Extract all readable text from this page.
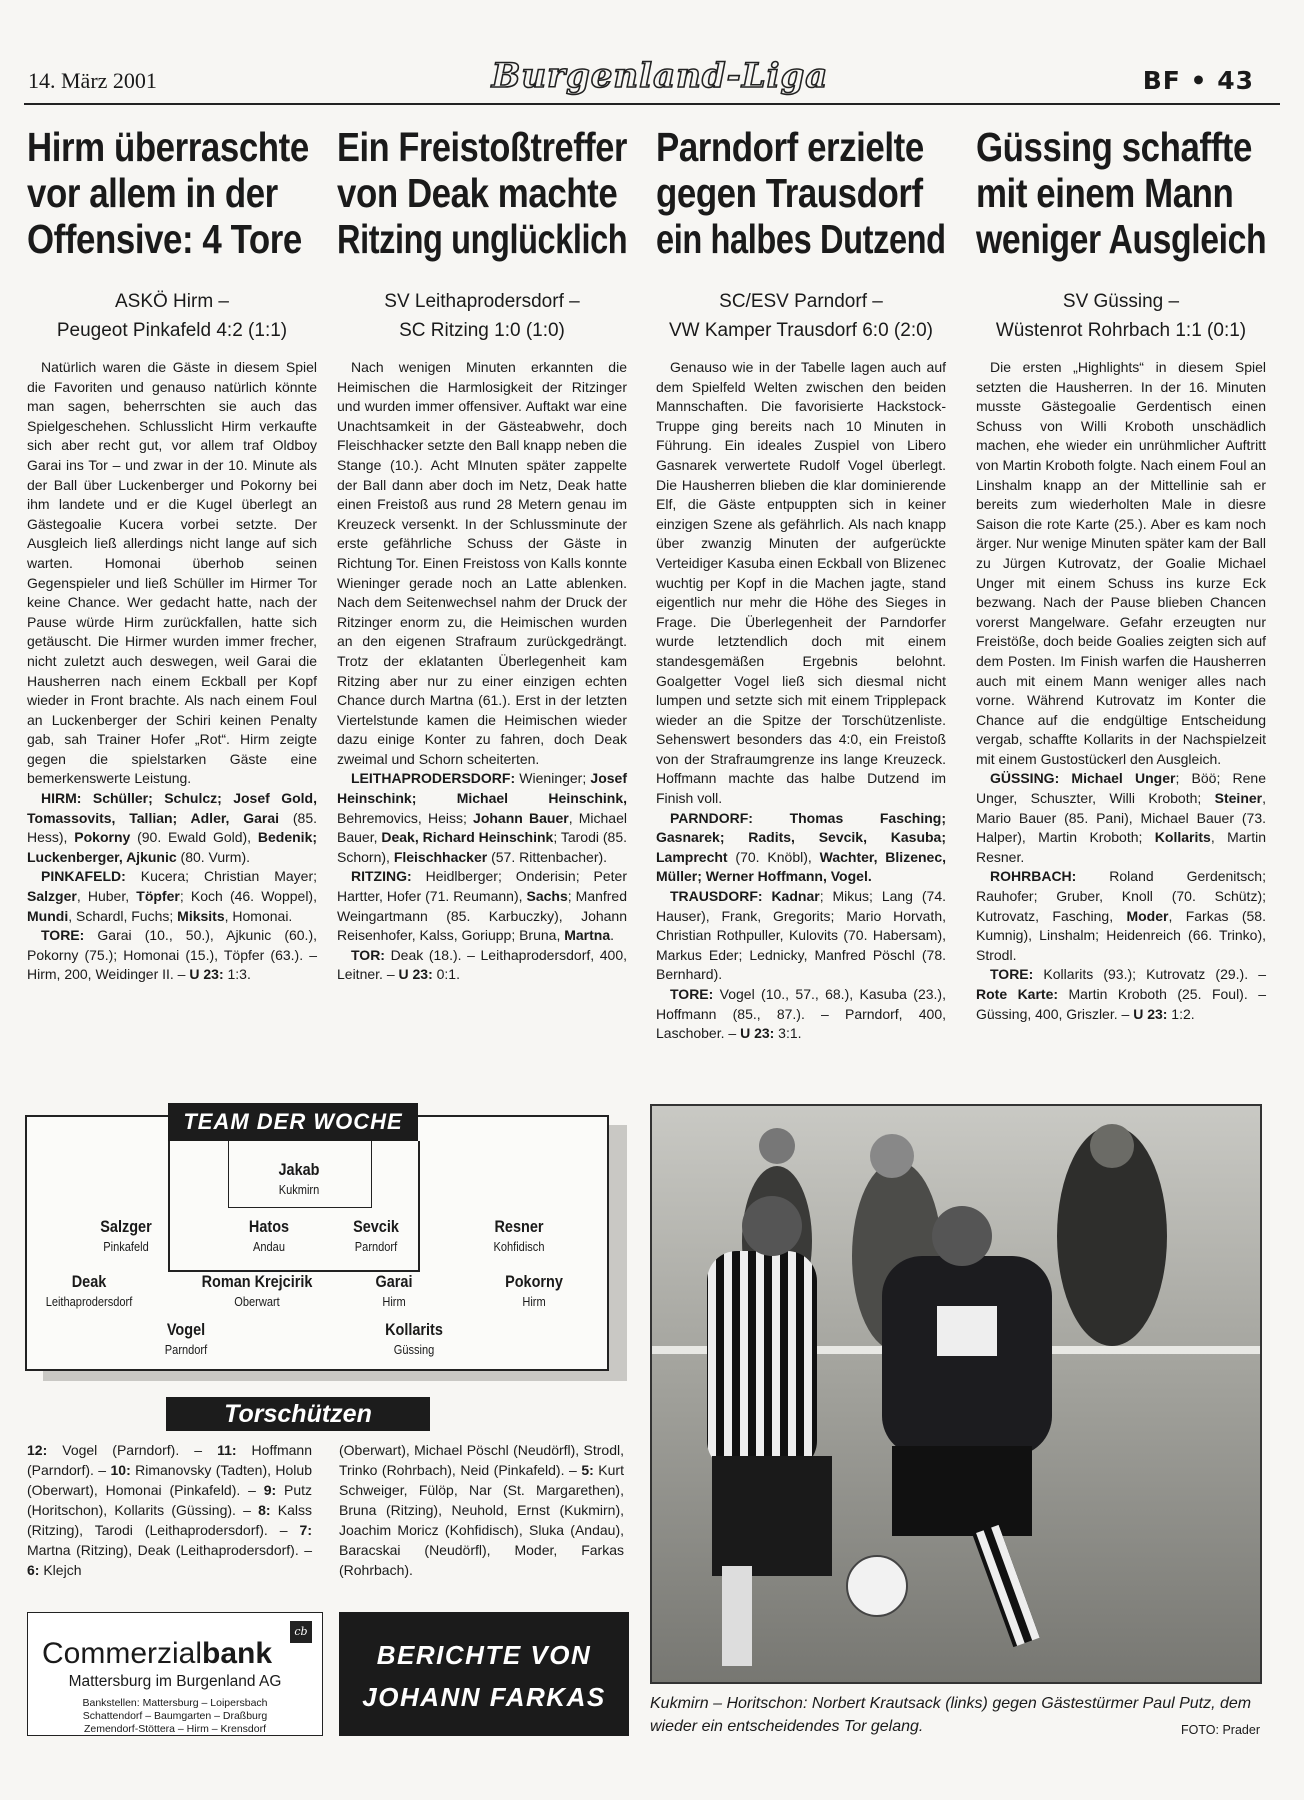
14. März 2001	Burgenland-Liga	BF • 43
Hirm überraschte
vor allem in der
Offensive: 4 Tore
ASKÖ Hirm –
Peugeot Pinkafeld 4:2 (1:1)

Natürlich waren die Gäste in diesem Spiel die Favoriten und genauso natürlich könnte man sagen, beherrschten sie auch das Spielgeschehen. Schlusslicht Hirm verkaufte sich aber recht gut, vor allem traf Oldboy Garai ins Tor – und zwar in der 10. Minute als der Ball über Luckenberger und Pokorny bei ihm landete und er die Kugel überlegt an Gästegoalie Kucera vorbei setzte. Der Ausgleich ließ allerdings nicht lange auf sich warten. Homonai überhob seinen Gegenspieler und ließ Schüller im Hirmer Tor keine Chance. Wer gedacht hatte, nach der Pause würde Hirm zurückfallen, hatte sich getäuscht. Die Hirmer wurden immer frecher, nicht zuletzt auch deswegen, weil Garai die Hausherren nach einem Eckball per Kopf wieder in Front brachte. Als nach einem Foul an Luckenberger der Schiri keinen Penalty gab, sah Trainer Hofer „Rot“. Hirm zeigte gegen die spielstarken Gäste eine bemerkenswerte Leistung.

HIRM: Schüller; Schulcz; Josef Gold, Tomassovits, Tallian; Adler, Garai (85. Hess), Pokorny (90. Ewald Gold), Bedenik; Luckenberger, Ajkunic (80. Vurm).

PINKAFELD: Kucera; Christian Mayer; Salzger, Huber, Töpfer; Koch (46. Woppel), Mundi, Schardl, Fuchs; Miksits, Homonai.

TORE: Garai (10., 50.), Ajkunic (60.), Pokorny (75.); Homonai (15.), Töpfer (63.). – Hirm, 200, Weidinger II. – U 23: 1:3.

Ein Freistoßtreffer
von Deak machte
Ritzing unglücklich
SV Leithaprodersdorf –
SC Ritzing 1:0 (1:0)

Nach wenigen Minuten erkannten die Heimischen die Harmlosigkeit der Ritzinger und wurden immer offensiver. Auftakt war eine Unachtsamkeit in der Gästeabwehr, doch Fleischhacker setzte den Ball knapp neben die Stange (10.). Acht MInuten später zappelte der Ball dann aber doch im Netz, Deak hatte einen Freistoß aus rund 28 Metern genau im Kreuzeck versenkt. In der Schlussminute der erste gefährliche Schuss der Gäste in Richtung Tor. Einen Freistoss von Kalls konnte Wieninger gerade noch an Latte ablenken. Nach dem Seitenwechsel nahm der Druck der Ritzinger enorm zu, die Heimischen wurden an den eigenen Strafraum zurückgedrängt. Trotz der eklatanten Überlegenheit kam Ritzing aber nur zu einer einzigen echten Chance durch Martna (61.). Erst in der letzten Viertelstunde kamen die Heimischen wieder dazu einige Konter zu fahren, doch Deak zweimal und Schorn scheiterten.

LEITHAPRODERSDORF: Wieninger; Josef Heinschink; Michael Heinschink, Behremovics, Heiss; Johann Bauer, Michael Bauer, Deak, Richard Heinschink; Tarodi (85. Schorn), Fleischhacker (57. Rittenbacher).

RITZING: Heidlberger; Onderisin; Peter Hartter, Hofer (71. Reumann), Sachs; Manfred Weingartmann (85. Karbuczky), Johann Reisenhofer, Kalss, Goriupp; Bruna, Martna.

TOR: Deak (18.). – Leithaprodersdorf, 400, Leitner. – U 23: 0:1.

Parndorf erzielte
gegen Trausdorf
ein halbes Dutzend
SC/ESV Parndorf –
VW Kamper Trausdorf 6:0 (2:0)

Genauso wie in der Tabelle lagen auch auf dem Spielfeld Welten zwischen den beiden Mannschaften. Die favorisierte Hackstock-Truppe ging bereits nach 10 Minuten in Führung. Ein ideales Zuspiel von Libero Gasnarek verwertete Rudolf Vogel überlegt. Die Hausherren blieben die klar dominierende Elf, die Gäste entpuppten sich in keiner einzigen Szene als gefährlich. Als nach knapp über zwanzig Minuten der aufgerückte Verteidiger Kasuba einen Eckball von Blizenec wuchtig per Kopf in die Machen jagte, stand eigentlich nur mehr die Höhe des Sieges in Frage. Die Überlegenheit der Parndorfer wurde letztendlich doch mit einem standesgemäßen Ergebnis belohnt. Goalgetter Vogel ließ sich diesmal nicht lumpen und setzte sich mit einem Tripplepack wieder an die Spitze der Torschützenliste. Sehenswert besonders das 4:0, ein Freistoß von der Strafraumgrenze ins lange Kreuzeck. Hoffmann machte das halbe Dutzend im Finish voll.

PARNDORF: Thomas Fasching; Gasnarek; Radits, Sevcik, Kasuba; Lamprecht (70. Knöbl), Wachter, Blizenec, Müller; Werner Hoffmann, Vogel.

TRAUSDORF: Kadnar; Mikus; Lang (74. Hauser), Frank, Gregorits; Mario Horvath, Christian Rothpuller, Kulovits (70. Habersam), Markus Eder; Lednicky, Manfred Pöschl (78. Bernhard).

TORE: Vogel (10., 57., 68.), Kasuba (23.), Hoffmann (85., 87.). – Parndorf, 400, Laschober. – U 23: 3:1.

Güssing schaffte
mit einem Mann
weniger Ausgleich
SV Güssing –
Wüstenrot Rohrbach 1:1 (0:1)

Die ersten „Highlights“ in diesem Spiel setzten die Hausherren. In der 16. Minuten musste Gästegoalie Gerdentisch einen Schuss von Willi Kroboth unschädlich machen, ehe wieder ein unrühmlicher Auftritt von Martin Kroboth folgte. Nach einem Foul an Linshalm knapp an der Mittellinie sah er bereits zum wiederholten Male in diesre Saison die rote Karte (25.). Aber es kam noch ärger. Nur wenige Minuten später kam der Ball zu Jürgen Kutrovatz, der Goalie Michael Unger mit einem Schuss ins kurze Eck bezwang. Nach der Pause blieben Chancen vorerst Mangelware. Gefahr erzeugten nur Freistöße, doch beide Goalies zeigten sich auf dem Posten. Im Finish warfen die Hausherren auch mit einem Mann weniger alles nach vorne. Während Kutrovatz im Konter die Chance auf die endgültige Entscheidung vergab, schaffte Kollarits in der Nachspielzeit mit einem Gustostückerl den Ausgleich.

GÜSSING: Michael Unger; Böö; Rene Unger, Schuszter, Willi Kroboth; Steiner, Mario Bauer (85. Pani), Michael Bauer (73. Halper), Martin Kroboth; Kollarits, Martin Resner.

ROHRBACH: Roland Gerdenitsch; Rauhofer; Gruber, Knoll (70. Schütz); Kutrovatz, Fasching, Moder, Farkas (58. Kumnig), Linshalm; Heidenreich (66. Trinko), Strodl.

TORE: Kollarits (93.); Kutrovatz (29.). – Rote Karte: Martin Kroboth (25. Foul). – Güssing, 400, Griszler. – U 23: 1:2.

TEAM DER WOCHE
Jakab
Kukmirn
Salzger
Pinkafeld
Hatos
Andau
Sevcik
Parndorf
Resner
Kohfidisch
Deak
Leithaprodersdorf
Roman Krejcirik
Oberwart
Garai
Hirm
Pokorny
Hirm
Vogel
Parndorf
Kollarits
Güssing
Torschützen
12: Vogel (Parndorf). – 11: Hoffmann (Parndorf). – 10: Rimanovsky (Tadten), Holub (Oberwart), Homonai (Pinkafeld). – 9: Putz (Horitschon), Kollarits (Güssing). – 8: Kalss (Ritzing), Tarodi (Leithaprodersdorf). – 7: Martna (Ritzing), Deak (Leithaprodersdorf). – 6: Klejch
(Oberwart), Michael Pöschl (Neudörfl), Strodl, Trinko (Rohrbach), Neid (Pinkafeld). – 5: Kurt Schweiger, Fülöp, Nar (St. Margarethen), Bruna (Ritzing), Neuhold, Ernst (Kukmirn), Joachim Moricz (Kohfidisch), Sluka (Andau), Baracskai (Neudörfl), Moder, Farkas (Rohrbach).
cb
Commerzialbank
Mattersburg im Burgenland AG
Bankstellen: Mattersburg – Loipersbach
Schattendorf – Baumgarten – Draßburg
Zemendorf-Stöttera – Hirm – Krensdorf
BERICHTE VON
JOHANN FARKAS	Kukmirn – Horitschon: Norbert Krautsack (links) gegen Gästestürmer Paul Putz, dem wieder ein entscheidendes Tor gelang.	FOTO: Prader
